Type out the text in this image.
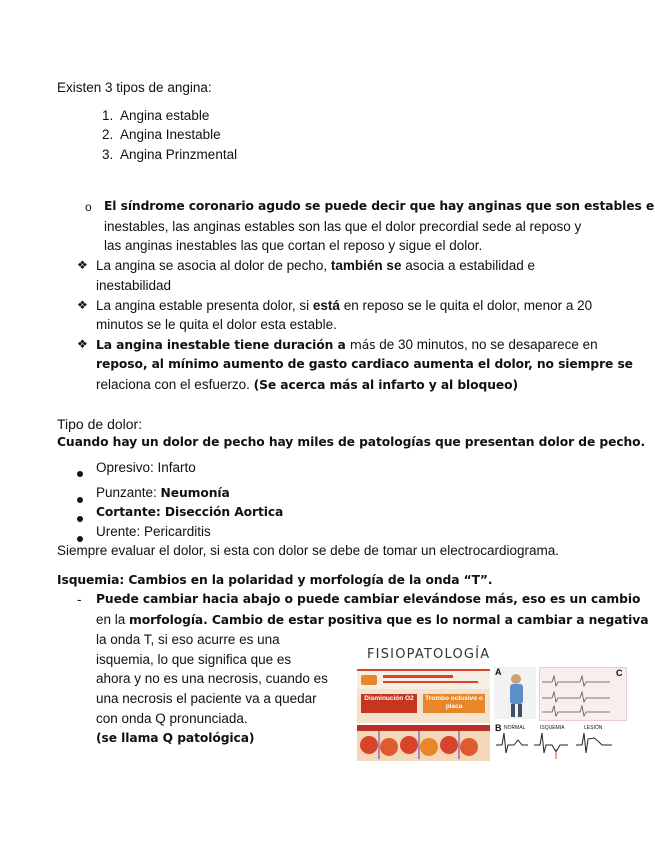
Existen 3 tipos de angina:
1.  Angina estable
2.  Angina Inestable
3.  Angina Prinzmental
o El síndrome coronario agudo se puede decir que hay anginas que son estables e
inestables, las anginas estables son las que el dolor precordial sede al reposo y
las anginas inestables las que cortan el reposo y sigue el dolor.
❖ La angina se asocia al dolor de pecho, también se asocia a estabilidad e
inestabilidad
❖ La angina estable presenta dolor, si está en reposo se le quita el dolor, menor a 20
minutos se le quita el dolor esta estable.
❖ La angina inestable tiene duración a más de 30 minutos, no se desaparece en
reposo, al mínimo aumento de gasto cardiaco aumenta el dolor, no siempre se
relaciona con el esfuerzo. (Se acerca más al infarto y al bloqueo)
Tipo de dolor:
Cuando hay un dolor de pecho hay miles de patologías que presentan dolor de pecho.
Opresivo: Infarto
Punzante: Neumonía
Cortante: Disección Aortica
Urente: Pericarditis
Siempre evaluar el dolor, si esta con dolor se debe de tomar un electrocardiograma.
Isquemia: Cambios en la polaridad y morfología de la onda “T”.
- Puede cambiar hacia abajo o puede cambiar elevándose más, eso es un cambio
en la morfología. Cambio de estar positiva que es lo normal a cambiar a negativa
la onda T, si eso acurre es una
isquemia, lo que significa que es
ahora y no es una necrosis, cuando es
una necrosis el paciente va a quedar
con onda Q pronunciada.
(se llama Q patológica)
FISIOPATOLOGÍA
Disminución O2	Trombo oclusivo o placa
A	C
B NORMAL	ISQUEMIA	LESIÓN
